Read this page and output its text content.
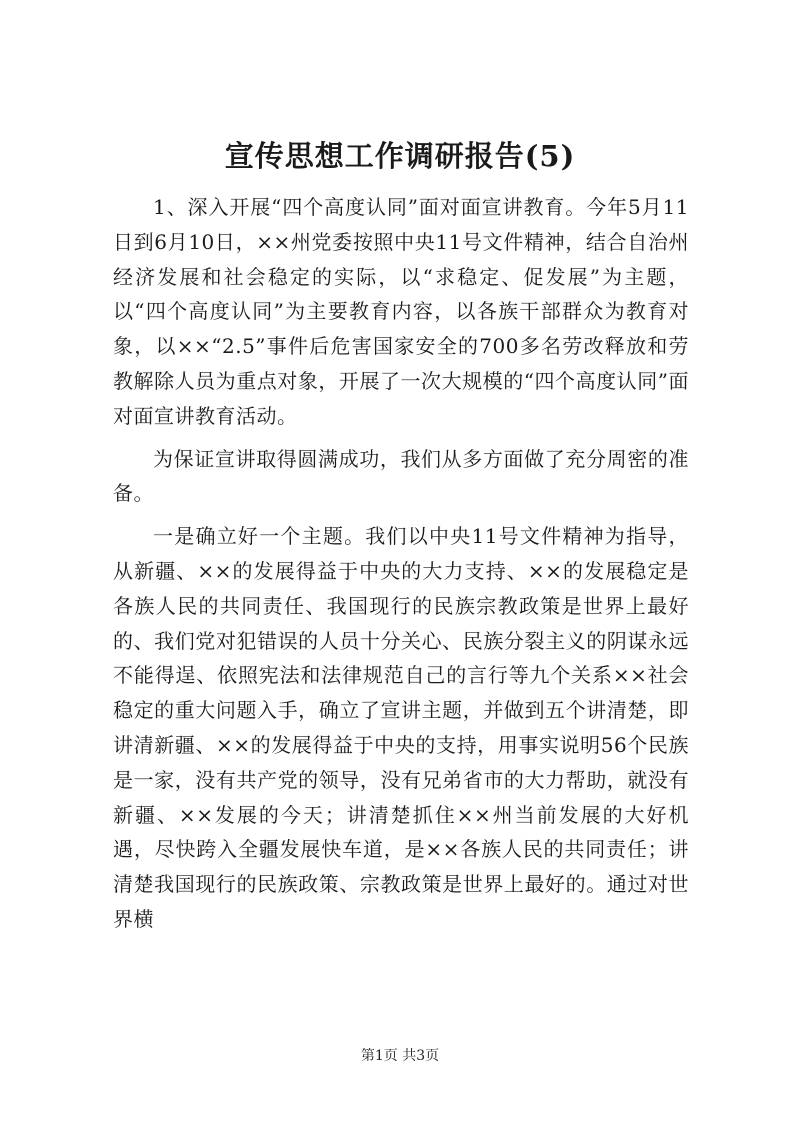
宣传思想工作调研报告(5)

1、深入开展“四个高度认同”面对面宣讲教育。今年5月11日到6月10日，××州党委按照中央11号文件精神，结合自治州经济发展和社会稳定的实际，以“求稳定、促发展”为主题，以“四个高度认同”为主要教育内容，以各族干部群众为教育对象，以××“2.5”事件后危害国家安全的700多名劳改释放和劳教解除人员为重点对象，开展了一次大规模的“四个高度认同”面对面宣讲教育活动。

为保证宣讲取得圆满成功，我们从多方面做了充分周密的准备。

一是确立好一个主题。我们以中央11号文件精神为指导，从新疆、××的发展得益于中央的大力支持、××的发展稳定是各族人民的共同责任、我国现行的民族宗教政策是世界上最好的、我们党对犯错误的人员十分关心、民族分裂主义的阴谋永远不能得逞、依照宪法和法律规范自己的言行等九个关系××社会稳定的重大问题入手，确立了宣讲主题，并做到五个讲清楚，即讲清新疆、××的发展得益于中央的支持，用事实说明56个民族是一家，没有共产党的领导，没有兄弟省市的大力帮助，就没有新疆、××发展的今天；讲清楚抓住××州当前发展的大好机遇，尽快跨入全疆发展快车道，是××各族人民的共同责任；讲清楚我国现行的民族政策、宗教政策是世界上最好的。通过对世界横

第1页 共3页
